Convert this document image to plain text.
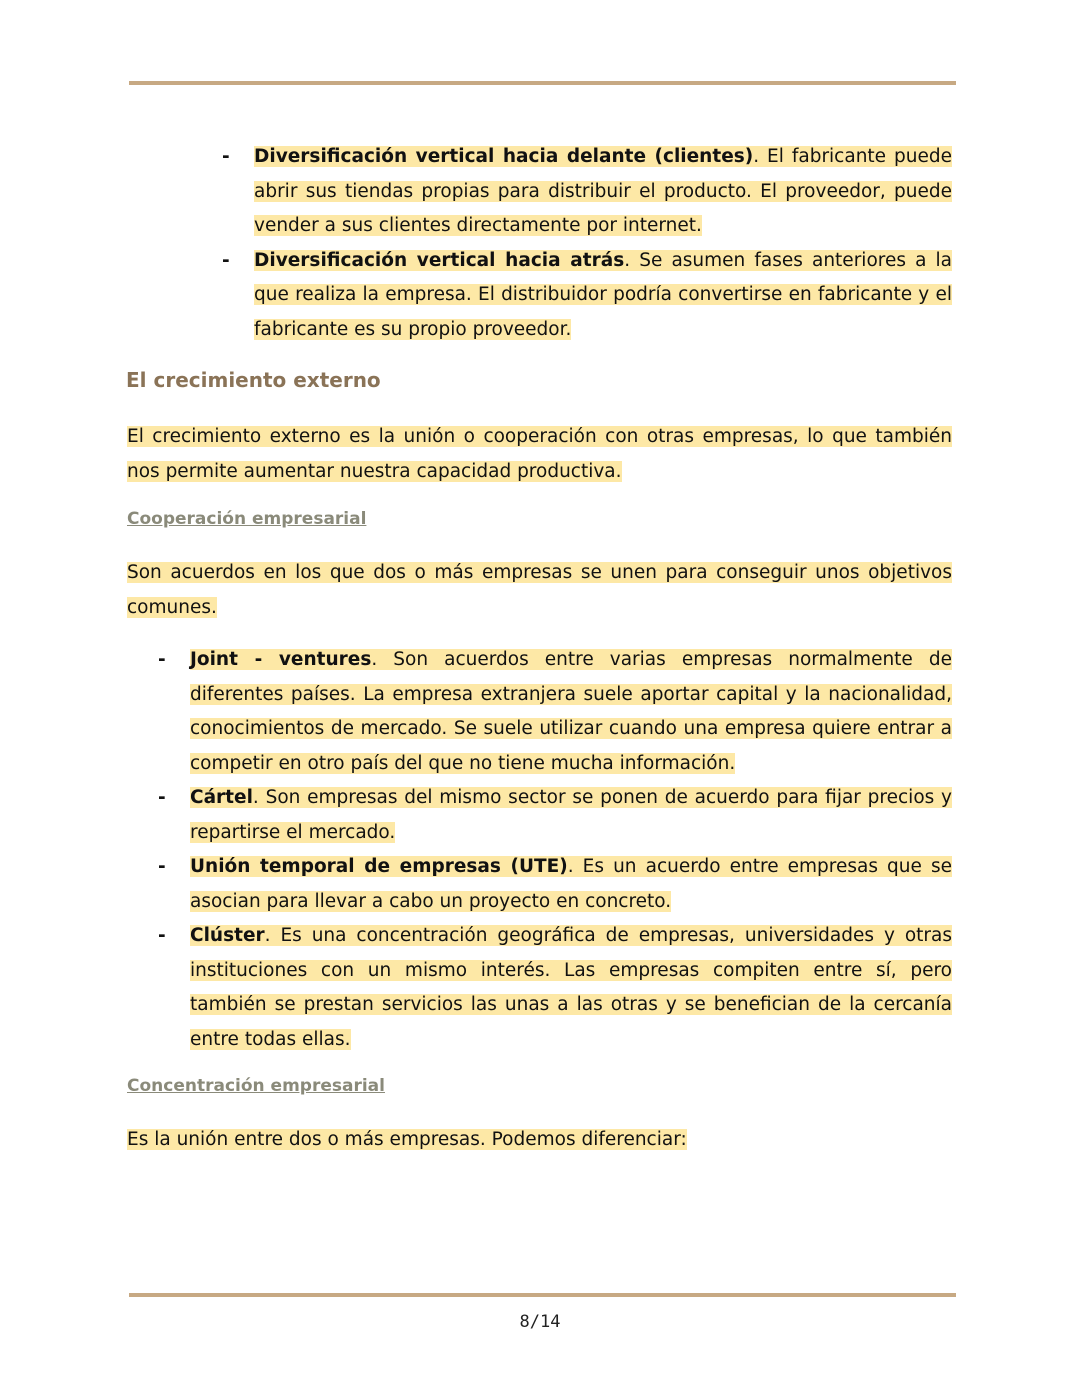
- Diversificación vertical hacia delante (clientes). El fabricante puede abrir sus tiendas propias para distribuir el producto. El proveedor, puede vender a sus clientes directamente por internet.
- Diversificación vertical hacia atrás. Se asumen fases anteriores a la que realiza la empresa. El distribuidor podría convertirse en fabricante y el fabricante es su propio proveedor.
El crecimiento externo
El crecimiento externo es la unión o cooperación con otras empresas, lo que también nos permite aumentar nuestra capacidad productiva.
Cooperación empresarial
Son acuerdos en los que dos o más empresas se unen para conseguir unos objetivos comunes.
- Joint - ventures. Son acuerdos entre varias empresas normalmente de diferentes países. La empresa extranjera suele aportar capital y la nacionalidad, conocimientos de mercado. Se suele utilizar cuando una empresa quiere entrar a competir en otro país del que no tiene mucha información.
- Cártel. Son empresas del mismo sector se ponen de acuerdo para fijar precios y repartirse el mercado.
- Unión temporal de empresas (UTE). Es un acuerdo entre empresas que se asocian para llevar a cabo un proyecto en concreto.
- Clúster. Es una concentración geográfica de empresas, universidades y otras instituciones con un mismo interés. Las empresas compiten entre sí, pero también se prestan servicios las unas a las otras y se benefician de la cercanía entre todas ellas.
Concentración empresarial
Es la unión entre dos o más empresas. Podemos diferenciar:
8/14
